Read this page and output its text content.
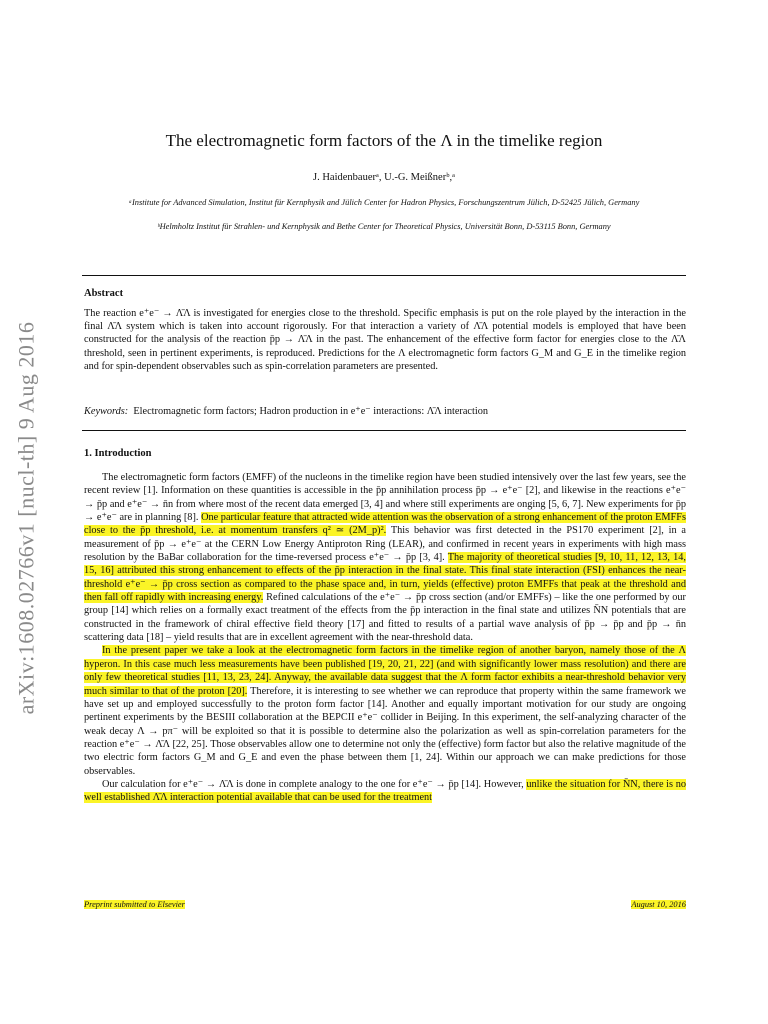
arXiv:1608.02766v1 [nucl-th] 9 Aug 2016
The electromagnetic form factors of the Λ in the timelike region
J. Haidenbauerᵃ, U.-G. Meißnerᵇ,ᵃ
ᵃInstitute for Advanced Simulation, Institut für Kernphysik and Jülich Center for Hadron Physics, Forschungszentrum Jülich, D-52425 Jülich, Germany
ᵇHelmholtz Institut für Strahlen- und Kernphysik and Bethe Center for Theoretical Physics, Universität Bonn, D-53115 Bonn, Germany
Abstract
The reaction e⁺e⁻ → Λ̄Λ is investigated for energies close to the threshold. Specific emphasis is put on the role played by the interaction in the final Λ̄Λ system which is taken into account rigorously. For that interaction a variety of Λ̄Λ potential models is employed that have been constructed for the analysis of the reaction p̄p → Λ̄Λ in the past. The enhancement of the effective form factor for energies close to the Λ̄Λ threshold, seen in pertinent experiments, is reproduced. Predictions for the Λ electromagnetic form factors G_M and G_E in the timelike region and for spin-dependent observables such as spin-correlation parameters are presented.
Keywords: Electromagnetic form factors; Hadron production in e⁺e⁻ interactions: Λ̄Λ interaction
1. Introduction

The electromagnetic form factors (EMFF) of the nucleons in the timelike region have been studied intensively over the last few years, see the recent review [1]. Information on these quantities is accessible in the p̄p annihilation process p̄p → e⁺e⁻ [2], and likewise in the reactions e⁺e⁻ → p̄p and e⁺e⁻ → n̄n from where most of the recent data emerged [3, 4] and where still experiments are onging [5, 6, 7]. New experiments for p̄p → e⁺e⁻ are in planning [8]. One particular feature that attracted wide attention was the observation of a strong enhancement of the proton EMFFs close to the p̄p threshold, i.e. at momentum transfers q² ≃ (2M_p)². This behavior was first detected in the PS170 experiment [2], in a measurement of p̄p → e⁺e⁻ at the CERN Low Energy Antiproton Ring (LEAR), and confirmed in recent years in experiments with high mass resolution by the BaBar collaboration for the time-reversed process e⁺e⁻ → p̄p [3, 4]. The majority of theoretical studies [9, 10, 11, 12, 13, 14, 15, 16] attributed this strong enhancement to effects of the p̄p interaction in the final state. This final state interaction (FSI) enhances the near-threshold e⁺e⁻ → p̄p cross section as compared to the phase space and, in turn, yields (effective) proton EMFFs that peak at the threshold and then fall off rapidly with increasing energy. Refined calculations of the e⁺e⁻ → p̄p cross section (and/or EMFFs) – like the one performed by our group [14] which relies on a formally exact treatment of the effects from the p̄p interaction in the final state and utilizes N̄N potentials that are constructed in the framework of chiral effective field theory [17] and fitted to results of a partial wave analysis of p̄p → p̄p and p̄p → n̄n scattering data [18] – yield results that are in excellent agreement with the near-threshold data.

In the present paper we take a look at the electromagnetic form factors in the timelike region of another baryon, namely those of the Λ hyperon. In this case much less measurements have been published [19, 20, 21, 22] (and with significantly lower mass resolution) and there are only few theoretical studies [11, 13, 23, 24]. Anyway, the available data suggest that the Λ form factor exhibits a near-threshold behavior very much similar to that of the proton [20]. Therefore, it is interesting to see whether we can reproduce that property within the same framework we have set up and employed successfully to the proton form factor [14]. Another and equally important motivation for our study are ongoing pertinent experiments by the BESIII collaboration at the BEPCII e⁺e⁻ collider in Beijing. In this experiment, the self-analyzing character of the weak decay Λ → pπ⁻ will be exploited so that it is possible to determine also the polarization as well as spin-correlation parameters for the reaction e⁺e⁻ → Λ̄Λ [22, 25]. Those observables allow one to determine not only the (effective) form factor but also the relative magnitude of the two electric form factors G_M and G_E and even the phase between them [1, 24]. Within our approach we can make predictions for those observables.

Our calculation for e⁺e⁻ → Λ̄Λ is done in complete analogy to the one for e⁺e⁻ → p̄p [14]. However, unlike the situation for N̄N, there is no well established Λ̄Λ interaction potential available that can be used for the treatment

Preprint submitted to Elsevier	August 10, 2016
